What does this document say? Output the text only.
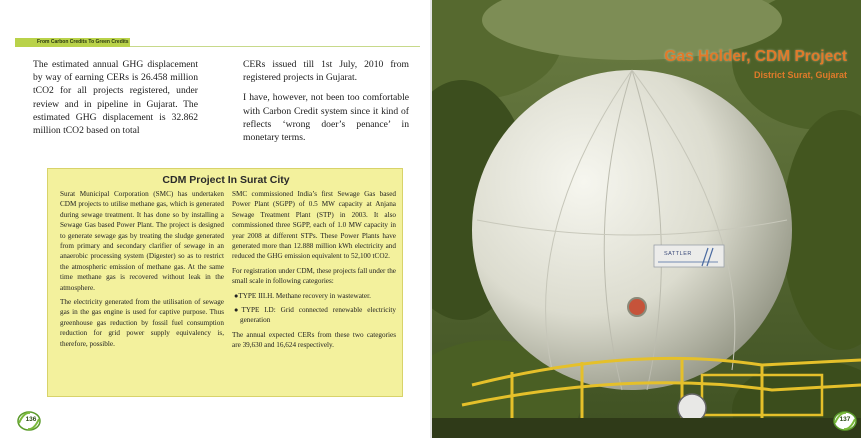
From Carbon Credits To Green Credits
The estimated annual GHG displacement by way of earning CERs is 26.458 million tCO2 for all projects registered, under review and in pipeline in Gujarat. The estimated GHG displacement is 32.862 million tCO2 based on total

CERs issued till 1st July, 2010 from registered projects in Gujarat.

I have, however, not been too comfortable with Carbon Credit system since it kind of reflects ‘wrong doer’s penance’ in monetary terms.

CDM Project In Surat City

Surat Municipal Corporation (SMC) has undertaken CDM projects to utilise methane gas, which is generated during sewage treatment. It has done so by installing a Sewage Gas based Power Plant. The project is designed to generate sewage gas by treating the sludge generated from primary and secondary clarifier of sewage in an anaerobic processing system (Digester) so as to restrict the atmospheric emission of methane gas. At the same time methane gas is recovered without leak in the atmosphere.

The electricity generated from the utilisation of sewage gas in the gas engine is used for captive purpose. Thus greenhouse gas reduction by fossil fuel consumption reduction for grid power supply equivalency is, therefore, possible.

SMC commissioned India’s first Sewage Gas based Power Plant (SGPP) of 0.5 MW capacity at Anjana Sewage Treatment Plant (STP) in 2003. It also commissioned three SGPP, each of 1.0 MW capacity in year 2008 at different STPs. These Power Plants have generated more than 12.888 million kWh electricity and reduced the GHG emission equivalent to 52,100 tCO2.

For registration under CDM, these projects fall under the small scale in following categories:

●TYPE III.H. Methane recovery in wastewater.

●TYPE I.D: Grid connected renewable electricity generation

The annual expected CERs from these two categories are 39,630 and 16,624 respectively.

136
SATTLER
Gas Holder, CDM Project
District Surat, Gujarat
137
